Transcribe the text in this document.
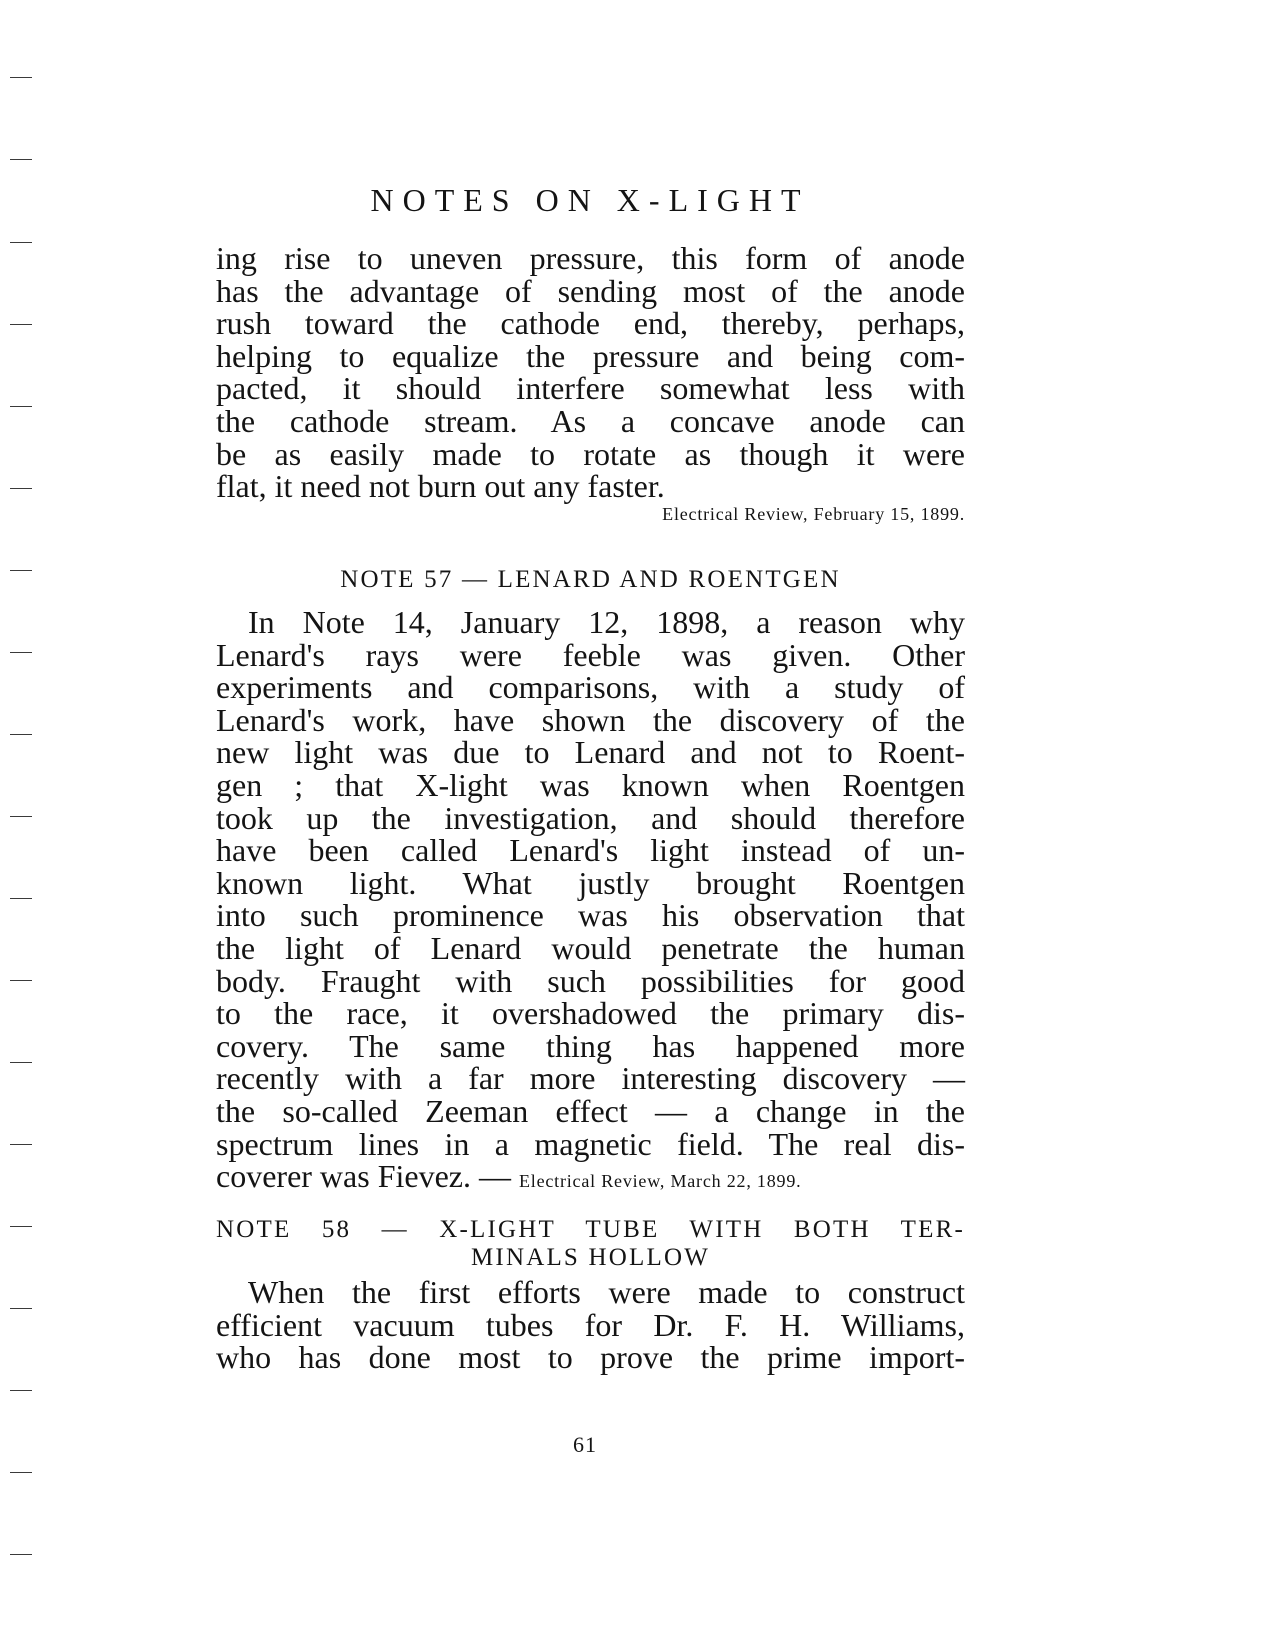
NOTES ON X-LIGHT
ing rise to uneven pressure, this form of anode
has the advantage of sending most of the anode
rush toward the cathode end, thereby, perhaps,
helping to equalize the pressure and being com-
pacted, it should interfere somewhat less with
the cathode stream. As a concave anode can
be as easily made to rotate as though it were
flat, it need not burn out any faster.
Electrical Review, February 15, 1899.
NOTE 57 — LENARD AND ROENTGEN
In Note 14, January 12, 1898, a reason why
Lenard's rays were feeble was given. Other
experiments and comparisons, with a study of
Lenard's work, have shown the discovery of the
new light was due to Lenard and not to Roent-
gen ; that X-light was known when Roentgen
took up the investigation, and should therefore
have been called Lenard's light instead of un-
known light. What justly brought Roentgen
into such prominence was his observation that
the light of Lenard would penetrate the human
body. Fraught with such possibilities for good
to the race, it overshadowed the primary dis-
covery. The same thing has happened more
recently with a far more interesting discovery —
the so-called Zeeman effect — a change in the
spectrum lines in a magnetic field. The real dis-
coverer was Fievez. — Electrical Review, March 22, 1899.
NOTE 58 — X-LIGHT TUBE WITH BOTH TER-
MINALS HOLLOW
When the first efforts were made to construct
efficient vacuum tubes for Dr. F. H. Williams,
who has done most to prove the prime import-
61
